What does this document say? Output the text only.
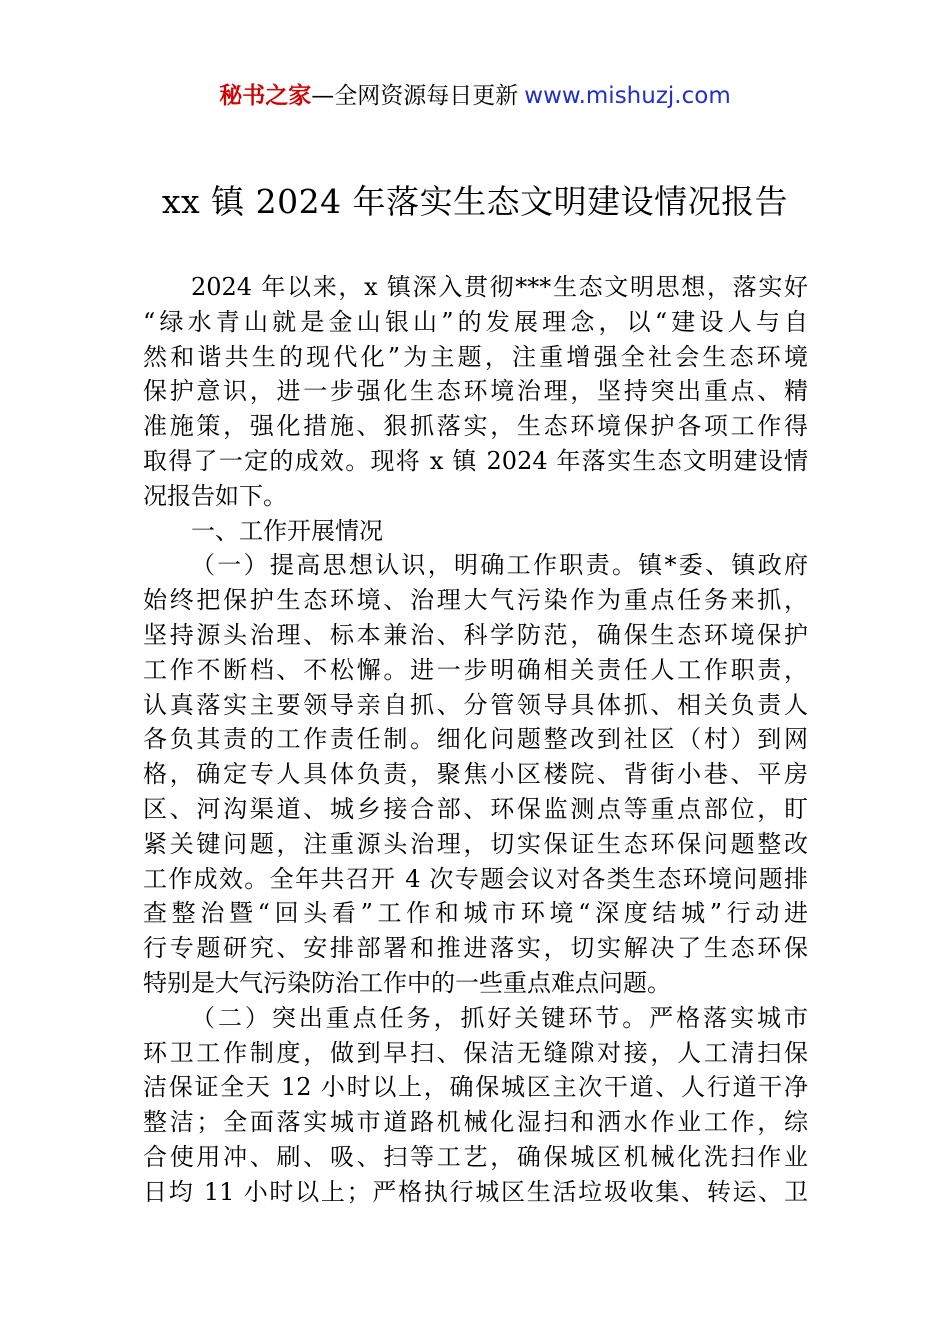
秘书之家—全网资源每日更新 www.mishuzj.com
xx 镇 2024 年落实生态文明建设情况报告
2024 年以来，x 镇深入贯彻***生态文明思想，落实好
“绿水青山就是金山银山”的发展理念，以“建设人与自
然和谐共生的现代化”为主题，注重增强全社会生态环境
保护意识，进一步强化生态环境治理，坚持突出重点、精
准施策，强化措施、狠抓落实，生态环境保护各项工作得
取得了一定的成效。现将 x 镇 2024 年落实生态文明建设情
况报告如下。
一、工作开展情况
（一）提高思想认识，明确工作职责。镇*委、镇政府
始终把保护生态环境、治理大气污染作为重点任务来抓，
坚持源头治理、标本兼治、科学防范，确保生态环境保护
工作不断档、不松懈。进一步明确相关责任人工作职责，
认真落实主要领导亲自抓、分管领导具体抓、相关负责人
各负其责的工作责任制。细化问题整改到社区（村）到网
格，确定专人具体负责，聚焦小区楼院、背街小巷、平房
区、河沟渠道、城乡接合部、环保监测点等重点部位，盯
紧关键问题，注重源头治理，切实保证生态环保问题整改
工作成效。全年共召开 4 次专题会议对各类生态环境问题排
查整治暨“回头看”工作和城市环境“深度结城”行动进
行专题研究、安排部署和推进落实，切实解决了生态环保
特别是大气污染防治工作中的一些重点难点问题。
（二）突出重点任务，抓好关键环节。严格落实城市
环卫工作制度，做到早扫、保洁无缝隙对接，人工清扫保
洁保证全天 12 小时以上，确保城区主次干道、人行道干净
整洁；全面落实城市道路机械化湿扫和洒水作业工作，综
合使用冲、刷、吸、扫等工艺，确保城区机械化洗扫作业
日均 11 小时以上；严格执行城区生活垃圾收集、转运、卫
